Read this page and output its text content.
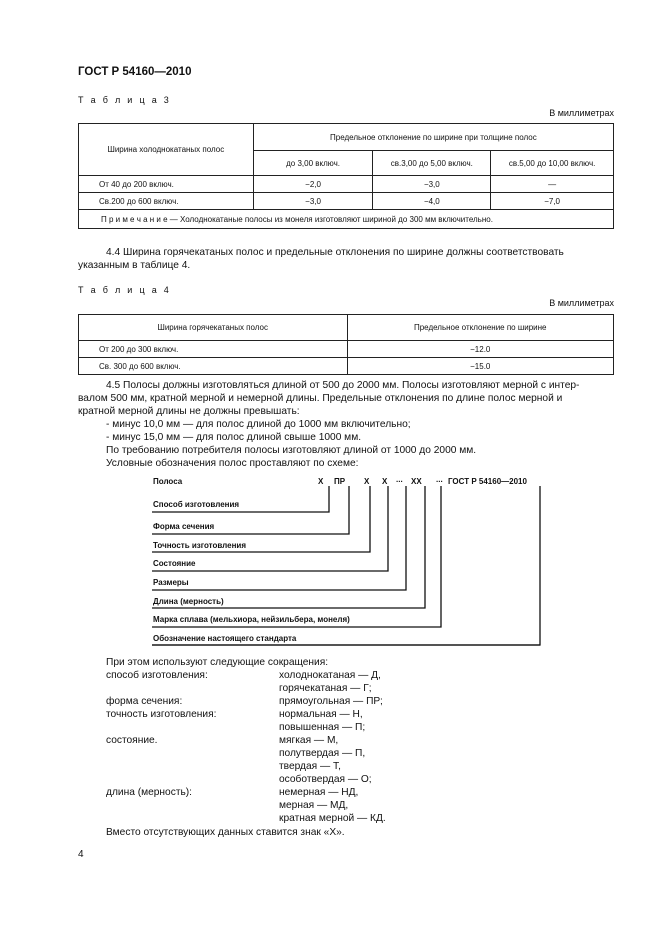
ГОСТ Р 54160—2010
Т а б л и ц а 3
В миллиметрах
Ширина холоднокатаных полос	Предельное отклонение по ширине при толщине полос		
	до 3,00 включ.	св.3,00 до 5,00 включ.	св.5,00 до 10,00 включ.
От 40 до 200 включ.	−2,0	−3,0	—
Св.200 до 600 включ.	−3,0	−4,0	−7,0
П р и м е ч а н и е — Холоднокатаные полосы из монеля изготовляют шириной до 300 мм включительно.			
4.4 Ширина горячекатаных полос и предельные отклонения по ширине должны соответствовать
указанным в таблице 4.
Т а б л и ц а 4
В миллиметрах
Ширина горячекатаных полос	Предельное отклонение по ширине
От 200 до 300 включ.	−12.0
Св. 300 до 600 включ.	−15.0
4.5 Полосы должны изготовляться длиной от 500 до 2000 мм. Полосы изготовляют мерной с интер-
валом 500 мм, кратной мерной и немерной длины. Предельные отклонения по длине полос мерной и
кратной мерной длины не должны превышать:
- минус 10,0 мм — для полос длиной до 1000 мм включительно;
- минус 15,0 мм — для полос длиной свыше 1000 мм.
По требованию потребителя полосы изготовляют длиной от 1000 до 2000 мм.
Условные обозначения полос проставляют по схеме:
Полоса	Х ПР Х Х ... ХХ ... ГОСТ Р 54160—2010
Способ изготовления
Форма сечения
Точность изготовления
Состояние
Размеры
Длина (мерность)
Марка сплава (мельхиора, нейзильбера, монеля)
Обозначение настоящего стандарта
При этом используют следующие сокращения:
способ изготовления:	холоднокатаная — Д,
горячекатаная — Г;
форма сечения:	прямоугольная — ПР;
точность изготовления:	нормальная — Н,
повышенная — П;
состояние.	мягкая — М,
полутвердая — П,
твердая — Т,
особотвердая — О;
длина (мерность):	немерная — НД,
мерная — МД,
кратная мерной — КД.
Вместо отсутствующих данных ставится знак «Х».
4
